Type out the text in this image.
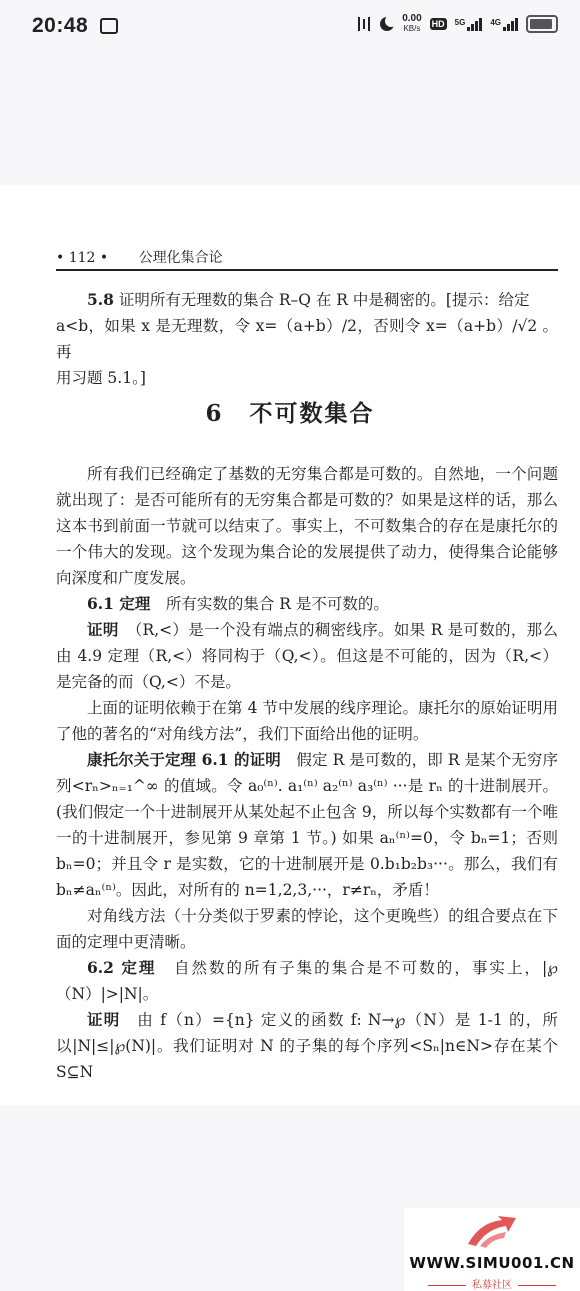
20:48	0.00
KB/s HD 5G	4G
• 112 • 公理化集合论

5.8 证明所有无理数的集合 R–Q 在 R 中是稠密的。[提示：给定

a<b，如果 x 是无理数，令 x=（a+b）/2，否则令 x=（a+b）/√2 。再

用习题 5.1。]

6 不可数集合

所有我们已经确定了基数的无穷集合都是可数的。自然地，一个问题就出现了：是否可能所有的无穷集合都是可数的？如果是这样的话，那么这本书到前面一节就可以结束了。事实上，不可数集合的存在是康托尔的一个伟大的发现。这个发现为集合论的发展提供了动力，使得集合论能够向深度和广度发展。

6.1 定理　所有实数的集合 R 是不可数的。

证明　 （R,<）是一个没有端点的稠密线序。如果 R 是可数的，那么由 4.9 定理（R,<）将同构于（Q,<）。但这是不可能的，因为（R,<）是完备的而（Q,<）不是。

上面的证明依赖于在第 4 节中发展的线序理论。康托尔的原始证明用了他的著名的“对角线方法”，我们下面给出他的证明。

康托尔关于定理 6.1 的证明　假定 R 是可数的，即 R 是某个无穷序列<rₙ>ₙ₌₁^∞ 的值域。令 a₀⁽ⁿ⁾. a₁⁽ⁿ⁾ a₂⁽ⁿ⁾ a₃⁽ⁿ⁾ ···是 rₙ 的十进制展开。(我们假定一个十进制展开从某处起不止包含 9，所以每个实数都有一个唯一的十进制展开，参见第 9 章第 1 节。) 如果 aₙ⁽ⁿ⁾=0，令 bₙ=1；否则 bₙ=0；并且令 r 是实数，它的十进制展开是 0.b₁b₂b₃···。那么，我们有 bₙ≠aₙ⁽ⁿ⁾。因此，对所有的 n=1,2,3,···，r≠rₙ，矛盾！

对角线方法（十分类似于罗素的悖论，这个更晚些）的组合要点在下面的定理中更清晰。

6.2 定理　自然数的所有子集的集合是不可数的，事实上，|℘（N）|>|N|。

证明　由 f（n）={n} 定义的函数 f: N→℘（N）是 1-1 的，所以|N|≤|℘(N)|。我们证明对 N 的子集的每个序列<Sₙ|n∈N>存在某个 S⊆N

WWW.SIMU001.CN
私募社区
